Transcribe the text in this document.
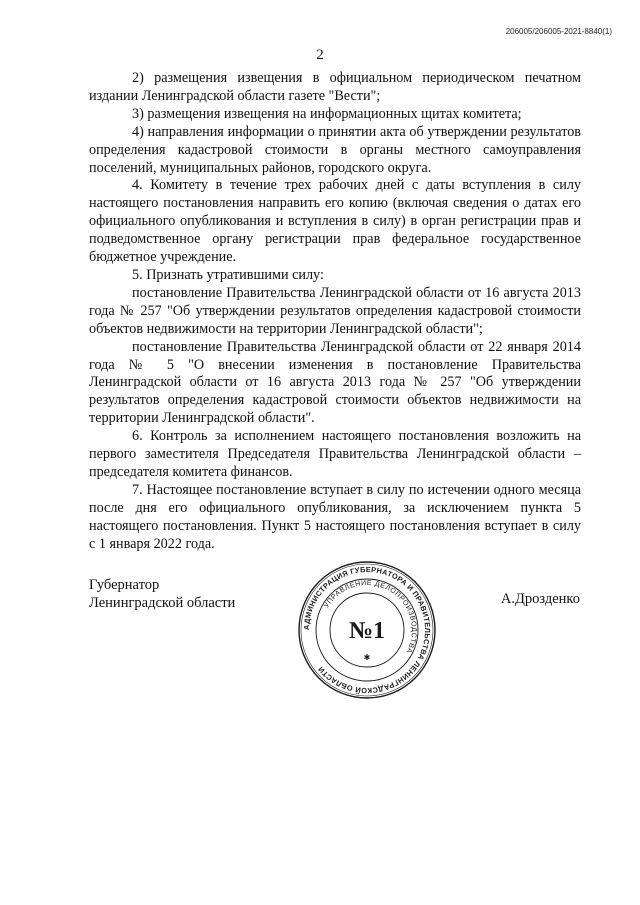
206005/206005-2021-8840(1)
2

2) размещения извещения в официальном периодическом печатном издании Ленинградской области газете "Вести";

3) размещения извещения на информационных щитах комитета;

4) направления информации о принятии акта об утверждении результатов определения кадастровой стоимости в органы местного самоуправления поселений, муниципальных районов, городского округа.

4. Комитету в течение трех рабочих дней с даты вступления в силу настоящего постановления направить его копию (включая сведения о датах его официального опубликования и вступления в силу) в орган регистрации прав и подведомственное органу регистрации прав федеральное государственное бюджетное учреждение.

5. Признать утратившими силу:

постановление Правительства Ленинградской области от 16 августа 2013 года № 257 "Об утверждении результатов определения кадастровой стоимости объектов недвижимости на территории Ленинградской области";

постановление Правительства Ленинградской области от 22 января 2014 года № 5 "О внесении изменения в постановление Правительства Ленинградской области от 16 августа 2013 года № 257 "Об утверждении результатов определения кадастровой стоимости объектов недвижимости на территории Ленинградской области".

6. Контроль за исполнением настоящего постановления возложить на первого заместителя Председателя Правительства Ленинградской области – председателя комитета финансов.

7. Настоящее постановление вступает в силу по истечении одного месяца после дня его официального опубликования, за исключением пункта 5 настоящего постановления. Пункт 5 настоящего постановления вступает в силу с 1 января 2022 года.

Губернатор
Ленинградской области	А.Дрозденко
АДМИНИСТРАЦИЯ ГУБЕРНАТОРА И ПРАВИТЕЛЬСТВА ЛЕНИНГРАДСКОЙ ОБЛАСТИ
УПРАВЛЕНИЕ ДЕЛОПРОИЗВОДСТВА
№1
✱
